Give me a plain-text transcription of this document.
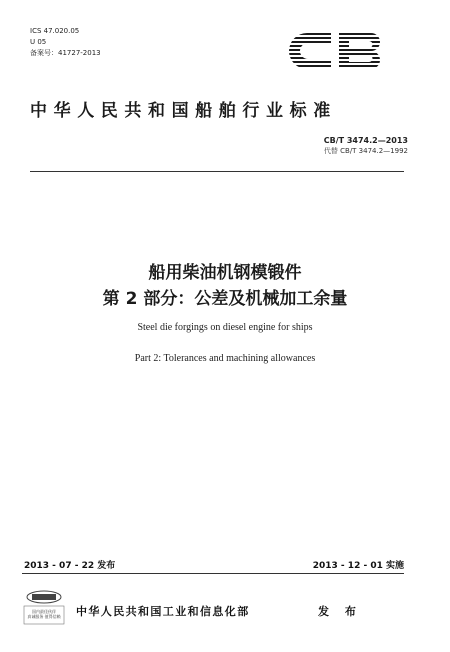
ICS 47.020.05
U 05
备案号：41727-2013
CB
中华人民共和国船舶行业标准
CB/T 3474.2—2013
代替 CB/T 3474.2—1992
船用柴油机钢模锻件
第 2 部分：公差及机械加工余量
Steel die forgings on diesel engine for ships
Part 2: Tolerances and machining allowances
2013 - 07 - 22 发布	2013 - 12 - 01 实施
国内最佳伙伴
真诚服务 值得信赖	中华人民共和国工业和信息化部	发 布
